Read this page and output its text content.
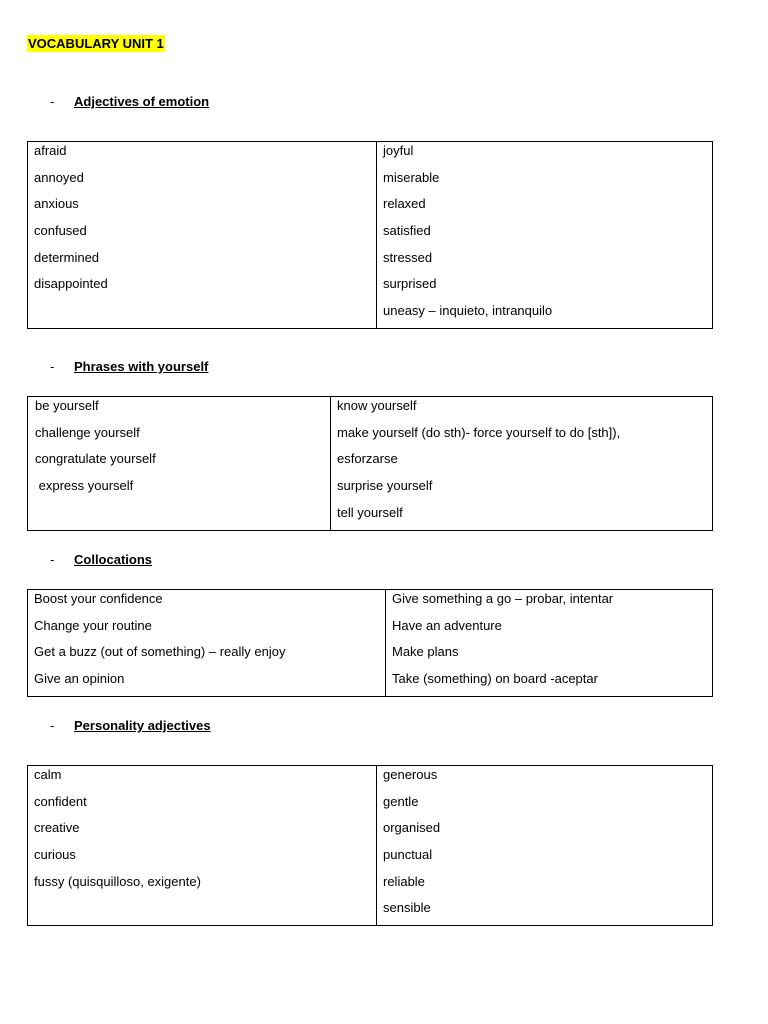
VOCABULARY UNIT 1
- Adjectives of emotion
afraid
annoyed
anxious
confused
determined
disappointed
joyful
miserable
relaxed
satisfied
stressed
surprised
uneasy – inquieto, intranquilo
- Phrases with yourself
be yourself
challenge yourself
congratulate yourself
express yourself
know yourself
make yourself (do sth)- force yourself to do [sth]),
esforzarse
surprise yourself
tell yourself
- Collocations
Boost your confidence
Change your routine
Get a buzz (out of something) – really enjoy
Give an opinion
Give something a go – probar, intentar
Have an adventure
Make plans
Take (something) on board -aceptar
- Personality adjectives
calm
confident
creative
curious
fussy (quisquilloso, exigente)
generous
gentle
organised
punctual
reliable
sensible
